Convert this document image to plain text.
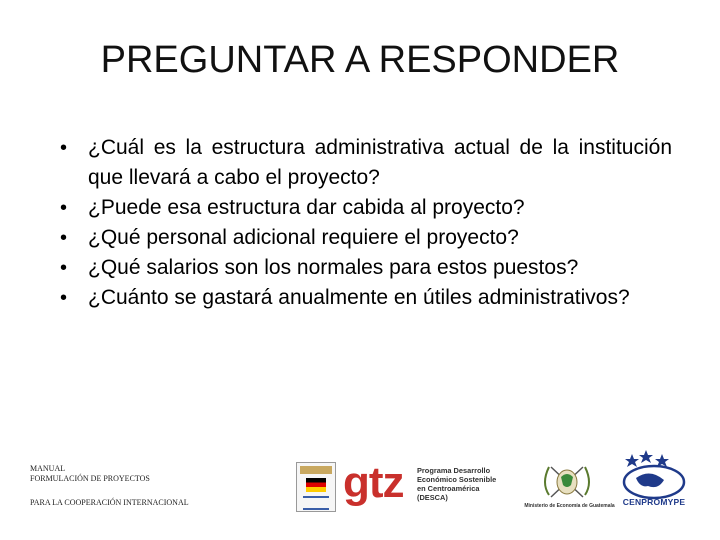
PREGUNTAR A RESPONDER
• ¿Cuál es la estructura administrativa actual de la institución que llevará a cabo el proyecto?
• ¿Puede esa estructura dar cabida al proyecto?
• ¿Qué personal adicional requiere el proyecto?
• ¿Qué salarios son los normales para estos puestos?
• ¿Cuánto se gastará anualmente en útiles administrativos?
MANUAL
FORMULACIÓN DE PROYECTOS
PARA LA COOPERACIÓN INTERNACIONAL	gtz Programa Desarrollo
Económico Sostenible
en Centroamérica
(DESCA)
Ministerio de Economía de Guatemala CENPROMYPE
